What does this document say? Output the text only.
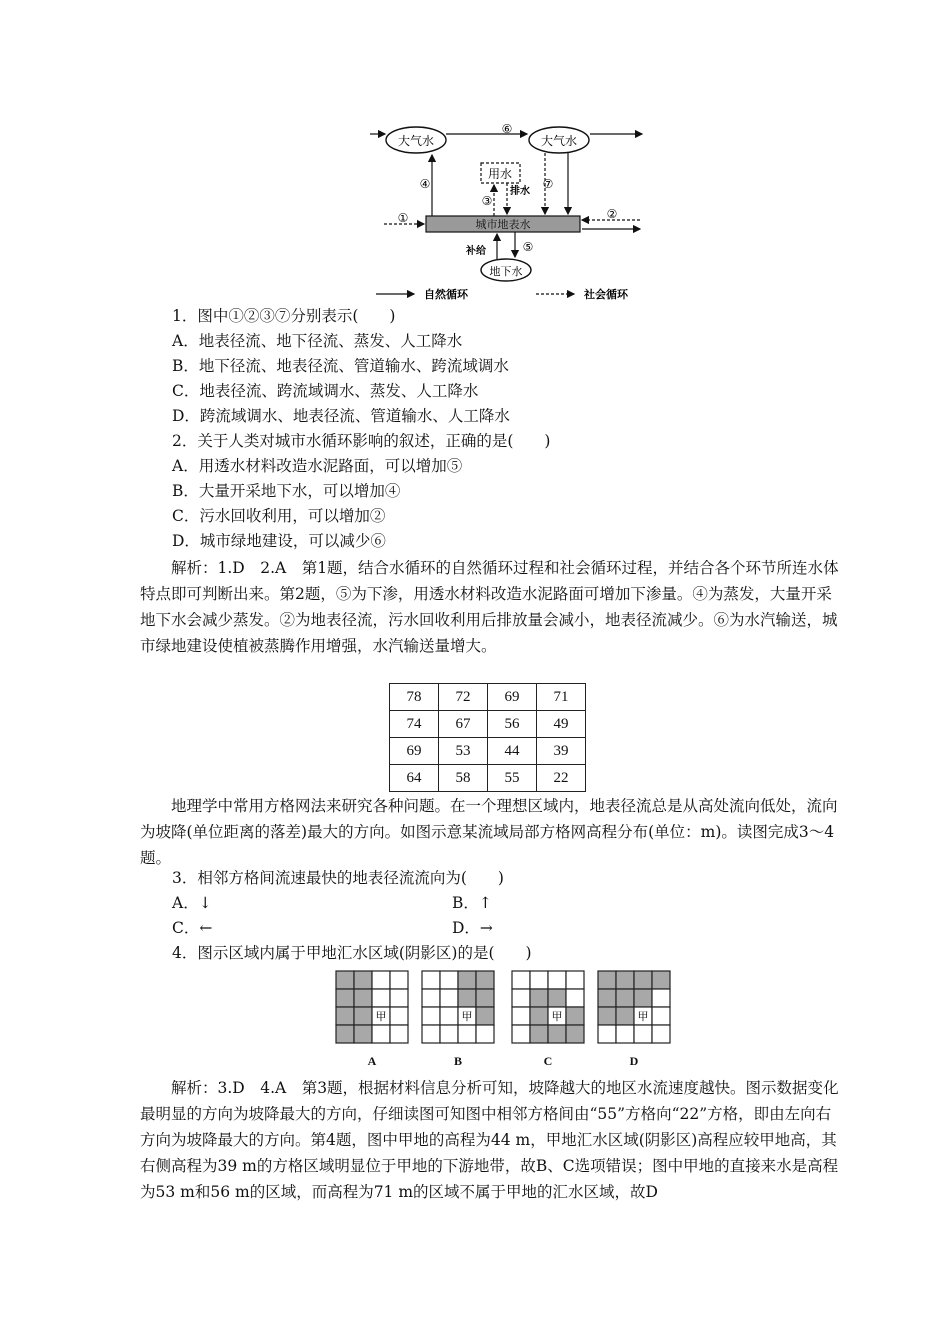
大气水	大气水
⑥
用水
城市地表水
④	⑦
③
排水
①	②
地下水
补给	⑤
自然循环	社会循环
1．图中①②③⑦分别表示(　　)
A．地表径流、地下径流、蒸发、人工降水
B．地下径流、地表径流、管道输水、跨流域调水
C．地表径流、跨流域调水、蒸发、人工降水
D．跨流域调水、地表径流、管道输水、人工降水
2．关于人类对城市水循环影响的叙述，正确的是(　　)
A．用透水材料改造水泥路面，可以增加⑤
B．大量开采地下水，可以增加④
C．污水回收利用，可以增加②
D．城市绿地建设，可以减少⑥
解析：1.D　2.A　第1题，结合水循环的自然循环过程和社会循环过程，并结合各个环节所连水体特点即可判断出来。第2题，⑤为下渗，用透水材料改造水泥路面可增加下渗量。④为蒸发，大量开采地下水会减少蒸发。②为地表径流，污水回收利用后排放量会减小，地表径流减少。⑥为水汽输送，城市绿地建设使植被蒸腾作用增强，水汽输送量增大。
78	72	69	71
74	67	56	49
69	53	44	39
64	58	55	22
地理学中常用方格网法来研究各种问题。在一个理想区域内，地表径流总是从高处流向低处，流向为坡降(单位距离的落差)最大的方向。如图示意某流域局部方格网高程分布(单位：m)。读图完成3～4题。
3．相邻方格间流速最快的地表径流流向为(　　)
A．↓	B．↑
C．←	D．→
4．图示区域内属于甲地汇水区域(阴影区)的是(　　)
甲	甲	甲	甲
A	B	C	D
解析：3.D　4.A　第3题，根据材料信息分析可知，坡降越大的地区水流速度越快。图示数据变化最明显的方向为坡降最大的方向，仔细读图可知图中相邻方格间由“55”方格向“22”方格，即由左向右方向为坡降最大的方向。第4题，图中甲地的高程为44 m，甲地汇水区域(阴影区)高程应较甲地高，其右侧高程为39 m的方格区域明显位于甲地的下游地带，故B、C选项错误；图中甲地的直接来水是高程为53 m和56 m的区域，而高程为71 m的区域不属于甲地的汇水区域，故D
